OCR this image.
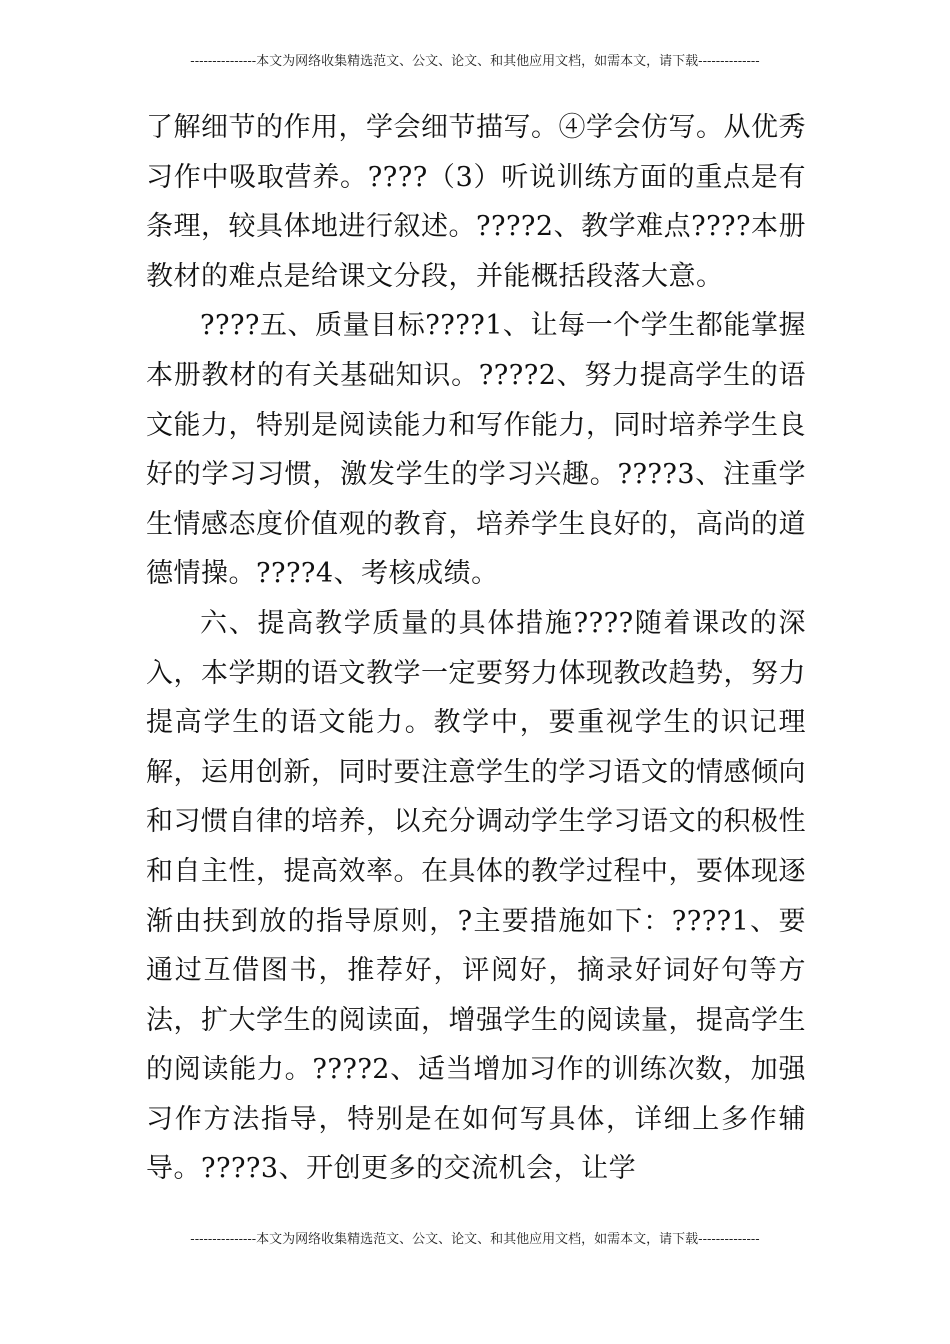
---------------本文为网络收集精选范文、公文、论文、和其他应用文档，如需本文，请下载--------------

了解细节的作用，学会细节描写。④学会仿写。从优秀习作中吸取营养。????（3）听说训练方面的重点是有条理，较具体地进行叙述。????2、教学难点????本册教材的难点是给课文分段，并能概括段落大意。

????五、质量目标????1、让每一个学生都能掌握本册教材的有关基础知识。????2、努力提高学生的语文能力，特别是阅读能力和写作能力，同时培养学生良好的学习习惯，激发学生的学习兴趣。????3、注重学生情感态度价值观的教育，培养学生良好的，高尚的道德情操。????4、考核成绩。

六、提高教学质量的具体措施????随着课改的深入，本学期的语文教学一定要努力体现教改趋势，努力提高学生的语文能力。教学中，要重视学生的识记理解，运用创新，同时要注意学生的学习语文的情感倾向和习惯自律的培养，以充分调动学生学习语文的积极性和自主性，提高效率。在具体的教学过程中，要体现逐渐由扶到放的指导原则，?主要措施如下：????1、要通过互借图书，推荐好，评阅好，摘录好词好句等方法，扩大学生的阅读面，增强学生的阅读量，提高学生的阅读能力。????2、适当增加习作的训练次数，加强习作方法指导，特别是在如何写具体，详细上多作辅导。????3、开创更多的交流机会，让学

---------------本文为网络收集精选范文、公文、论文、和其他应用文档，如需本文，请下载--------------
